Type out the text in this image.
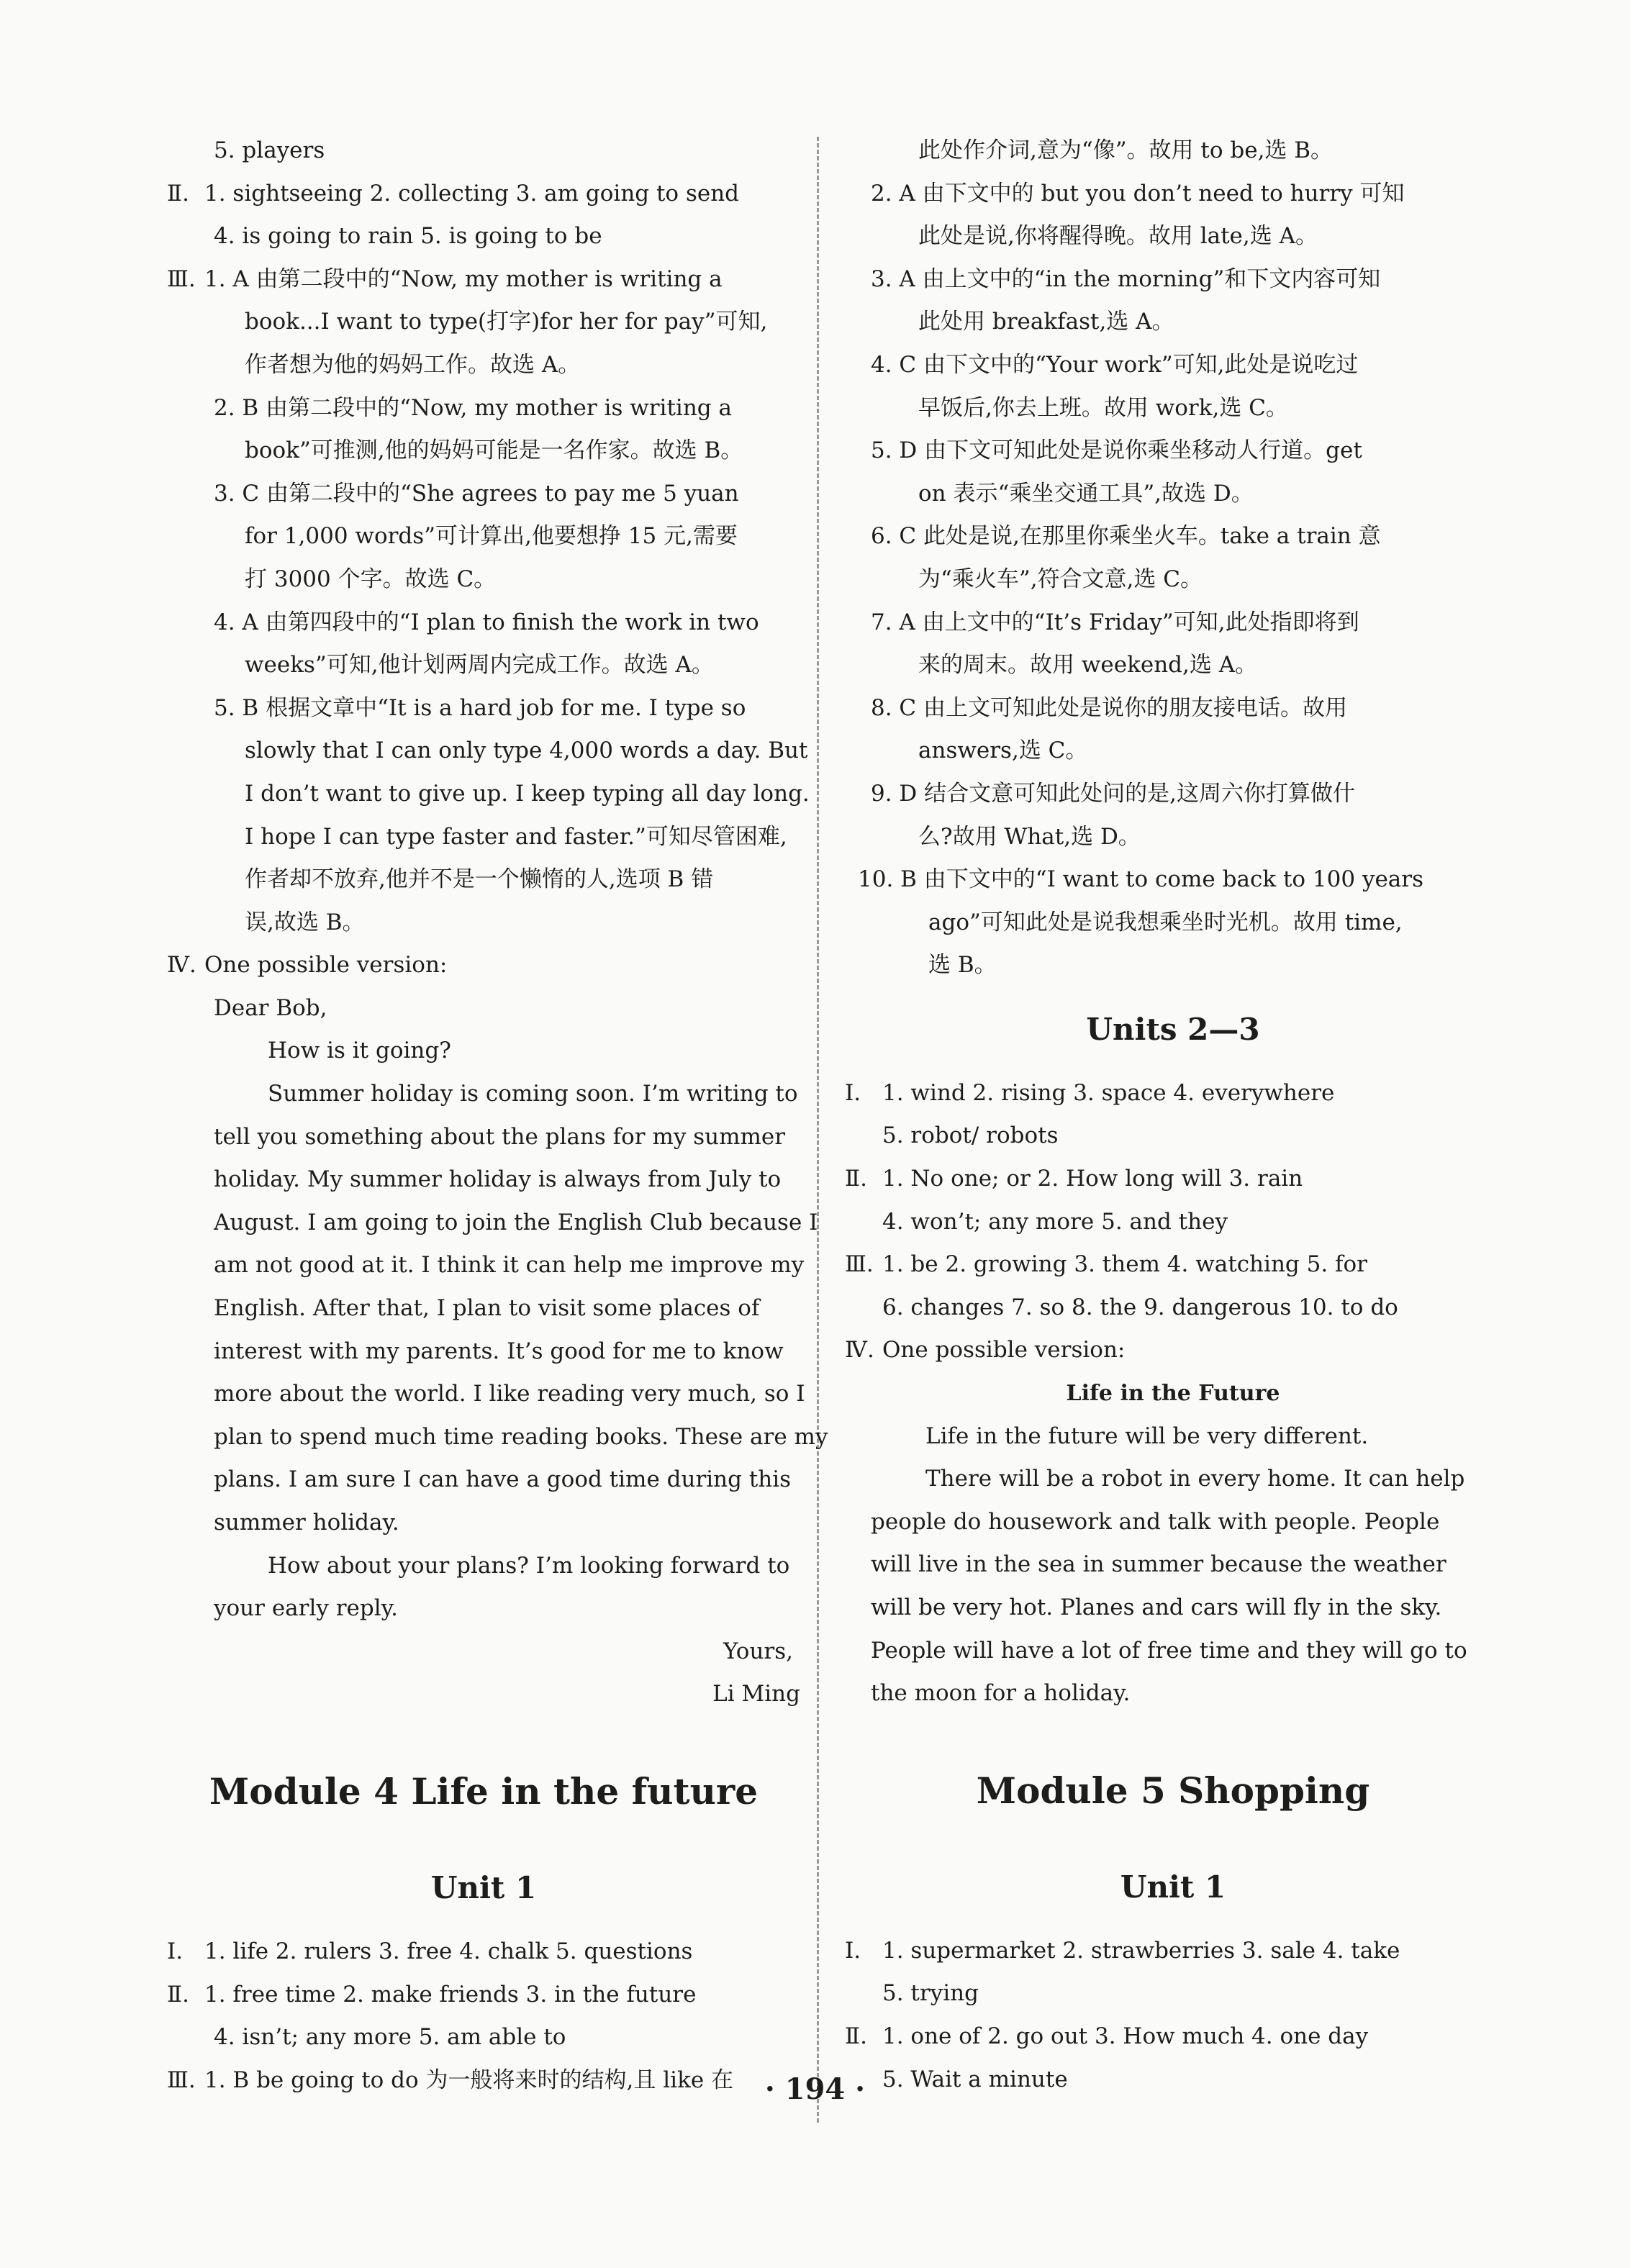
5. players
Ⅱ. 1. sightseeing 2. collecting 3. am going to send
4. is going to rain 5. is going to be
Ⅲ. 1. A 由第二段中的“Now, my mother is writing a
book...I want to type(打字)for her for pay”可知,
作者想为他的妈妈工作。故选 A。
2. B 由第二段中的“Now, my mother is writing a
book”可推测,他的妈妈可能是一名作家。故选 B。
3. C 由第二段中的“She agrees to pay me 5 yuan
for 1,000 words”可计算出,他要想挣 15 元,需要
打 3000 个字。故选 C。
4. A 由第四段中的“I plan to finish the work in two
weeks”可知,他计划两周内完成工作。故选 A。
5. B 根据文章中“It is a hard job for me. I type so
slowly that I can only type 4,000 words a day. But
I don’t want to give up. I keep typing all day long.
I hope I can type faster and faster.”可知尽管困难,
作者却不放弃,他并不是一个懒惰的人,选项 B 错
误,故选 B。
Ⅳ. One possible version:
Dear Bob,
How is it going?
Summer holiday is coming soon. I’m writing to
tell you something about the plans for my summer
holiday. My summer holiday is always from July to
August. I am going to join the English Club because I
am not good at it. I think it can help me improve my
English. After that, I plan to visit some places of
interest with my parents. It’s good for me to know
more about the world. I like reading very much, so I
plan to spend much time reading books. These are my
plans. I am sure I can have a good time during this
summer holiday.
How about your plans? I’m looking forward to
your early reply.
Yours,
Li Ming
Module 4 Life in the future
Unit 1
Ⅰ. 1. life 2. rulers 3. free 4. chalk 5. questions
Ⅱ. 1. free time 2. make friends 3. in the future
4. isn’t; any more 5. am able to
Ⅲ. 1. B be going to do 为一般将来时的结构,且 like 在
此处作介词,意为“像”。故用 to be,选 B。
2. A 由下文中的 but you don’t need to hurry 可知
此处是说,你将醒得晚。故用 late,选 A。
3. A 由上文中的“in the morning”和下文内容可知
此处用 breakfast,选 A。
4. C 由下文中的“Your work”可知,此处是说吃过
早饭后,你去上班。故用 work,选 C。
5. D 由下文可知此处是说你乘坐移动人行道。get
on 表示“乘坐交通工具”,故选 D。
6. C 此处是说,在那里你乘坐火车。take a train 意
为“乘火车”,符合文意,选 C。
7. A 由上文中的“It’s Friday”可知,此处指即将到
来的周末。故用 weekend,选 A。
8. C 由上文可知此处是说你的朋友接电话。故用
answers,选 C。
9. D 结合文意可知此处问的是,这周六你打算做什
么?故用 What,选 D。
10. B 由下文中的“I want to come back to 100 years
ago”可知此处是说我想乘坐时光机。故用 time,
选 B。
Units 2—3
Ⅰ. 1. wind 2. rising 3. space 4. everywhere
5. robot/ robots
Ⅱ. 1. No one; or 2. How long will 3. rain
4. won’t; any more 5. and they
Ⅲ. 1. be 2. growing 3. them 4. watching 5. for
6. changes 7. so 8. the 9. dangerous 10. to do
Ⅳ. One possible version:
Life in the Future
Life in the future will be very different.
There will be a robot in every home. It can help
people do housework and talk with people. People
will live in the sea in summer because the weather
will be very hot. Planes and cars will fly in the sky.
People will have a lot of free time and they will go to
the moon for a holiday.
Module 5 Shopping
Unit 1
Ⅰ. 1. supermarket 2. strawberries 3. sale 4. take
5. trying
Ⅱ. 1. one of 2. go out 3. How much 4. one day
5. Wait a minute
· 194 ·
